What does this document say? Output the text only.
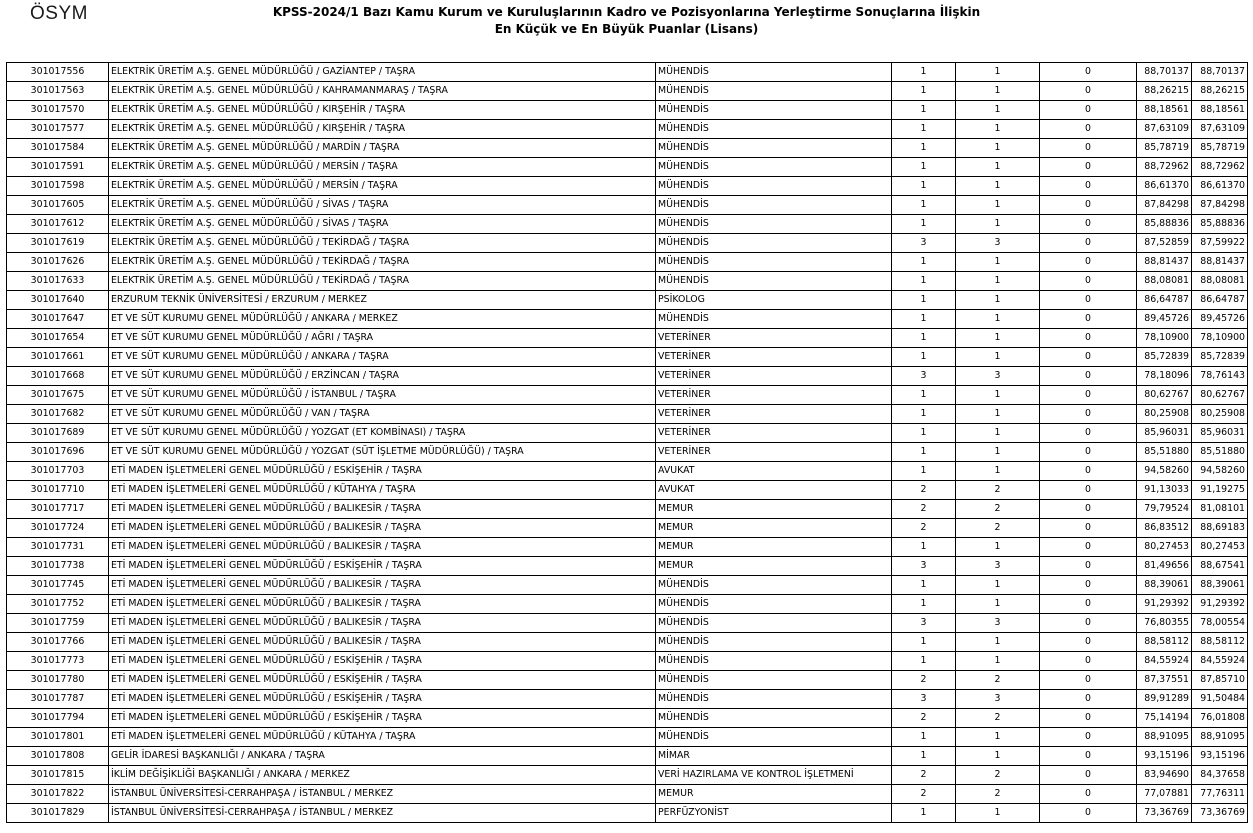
ÖSYM	KPSS-2024/1 Bazı Kamu Kurum ve Kuruluşlarının Kadro ve Pozisyonlarına Yerleştirme Sonuçlarına İlişkin
En Küçük ve En Büyük Puanlar (Lisans)
301017556	ELEKTRİK ÜRETİM A.Ş. GENEL MÜDÜRLÜĞÜ / GAZİANTEP / TAŞRA	MÜHENDİS	1	1	0	88,70137	88,70137
301017563	ELEKTRİK ÜRETİM A.Ş. GENEL MÜDÜRLÜĞÜ / KAHRAMANMARAŞ / TAŞRA	MÜHENDİS	1	1	0	88,26215	88,26215
301017570	ELEKTRİK ÜRETİM A.Ş. GENEL MÜDÜRLÜĞÜ / KIRŞEHİR / TAŞRA	MÜHENDİS	1	1	0	88,18561	88,18561
301017577	ELEKTRİK ÜRETİM A.Ş. GENEL MÜDÜRLÜĞÜ / KIRŞEHİR / TAŞRA	MÜHENDİS	1	1	0	87,63109	87,63109
301017584	ELEKTRİK ÜRETİM A.Ş. GENEL MÜDÜRLÜĞÜ / MARDİN / TAŞRA	MÜHENDİS	1	1	0	85,78719	85,78719
301017591	ELEKTRİK ÜRETİM A.Ş. GENEL MÜDÜRLÜĞÜ / MERSİN / TAŞRA	MÜHENDİS	1	1	0	88,72962	88,72962
301017598	ELEKTRİK ÜRETİM A.Ş. GENEL MÜDÜRLÜĞÜ / MERSİN / TAŞRA	MÜHENDİS	1	1	0	86,61370	86,61370
301017605	ELEKTRİK ÜRETİM A.Ş. GENEL MÜDÜRLÜĞÜ / SİVAS / TAŞRA	MÜHENDİS	1	1	0	87,84298	87,84298
301017612	ELEKTRİK ÜRETİM A.Ş. GENEL MÜDÜRLÜĞÜ / SİVAS / TAŞRA	MÜHENDİS	1	1	0	85,88836	85,88836
301017619	ELEKTRİK ÜRETİM A.Ş. GENEL MÜDÜRLÜĞÜ / TEKİRDAĞ / TAŞRA	MÜHENDİS	3	3	0	87,52859	87,59922
301017626	ELEKTRİK ÜRETİM A.Ş. GENEL MÜDÜRLÜĞÜ / TEKİRDAĞ / TAŞRA	MÜHENDİS	1	1	0	88,81437	88,81437
301017633	ELEKTRİK ÜRETİM A.Ş. GENEL MÜDÜRLÜĞÜ / TEKİRDAĞ / TAŞRA	MÜHENDİS	1	1	0	88,08081	88,08081
301017640	ERZURUM TEKNİK ÜNİVERSİTESİ / ERZURUM / MERKEZ	PSİKOLOG	1	1	0	86,64787	86,64787
301017647	ET VE SÜT KURUMU GENEL MÜDÜRLÜĞÜ / ANKARA / MERKEZ	MÜHENDİS	1	1	0	89,45726	89,45726
301017654	ET VE SÜT KURUMU GENEL MÜDÜRLÜĞÜ / AĞRI / TAŞRA	VETERİNER	1	1	0	78,10900	78,10900
301017661	ET VE SÜT KURUMU GENEL MÜDÜRLÜĞÜ / ANKARA / TAŞRA	VETERİNER	1	1	0	85,72839	85,72839
301017668	ET VE SÜT KURUMU GENEL MÜDÜRLÜĞÜ / ERZİNCAN / TAŞRA	VETERİNER	3	3	0	78,18096	78,76143
301017675	ET VE SÜT KURUMU GENEL MÜDÜRLÜĞÜ / İSTANBUL / TAŞRA	VETERİNER	1	1	0	80,62767	80,62767
301017682	ET VE SÜT KURUMU GENEL MÜDÜRLÜĞÜ / VAN / TAŞRA	VETERİNER	1	1	0	80,25908	80,25908
301017689	ET VE SÜT KURUMU GENEL MÜDÜRLÜĞÜ / YOZGAT (ET KOMBİNASI) / TAŞRA	VETERİNER	1	1	0	85,96031	85,96031
301017696	ET VE SÜT KURUMU GENEL MÜDÜRLÜĞÜ / YOZGAT (SÜT İŞLETME MÜDÜRLÜĞÜ) / TAŞRA	VETERİNER	1	1	0	85,51880	85,51880
301017703	ETİ MADEN İŞLETMELERİ GENEL MÜDÜRLÜĞÜ / ESKİŞEHİR / TAŞRA	AVUKAT	1	1	0	94,58260	94,58260
301017710	ETİ MADEN İŞLETMELERİ GENEL MÜDÜRLÜĞÜ / KÜTAHYA / TAŞRA	AVUKAT	2	2	0	91,13033	91,19275
301017717	ETİ MADEN İŞLETMELERİ GENEL MÜDÜRLÜĞÜ / BALIKESİR / TAŞRA	MEMUR	2	2	0	79,79524	81,08101
301017724	ETİ MADEN İŞLETMELERİ GENEL MÜDÜRLÜĞÜ / BALIKESİR / TAŞRA	MEMUR	2	2	0	86,83512	88,69183
301017731	ETİ MADEN İŞLETMELERİ GENEL MÜDÜRLÜĞÜ / BALIKESİR / TAŞRA	MEMUR	1	1	0	80,27453	80,27453
301017738	ETİ MADEN İŞLETMELERİ GENEL MÜDÜRLÜĞÜ / ESKİŞEHİR / TAŞRA	MEMUR	3	3	0	81,49656	88,67541
301017745	ETİ MADEN İŞLETMELERİ GENEL MÜDÜRLÜĞÜ / BALIKESİR / TAŞRA	MÜHENDİS	1	1	0	88,39061	88,39061
301017752	ETİ MADEN İŞLETMELERİ GENEL MÜDÜRLÜĞÜ / BALIKESİR / TAŞRA	MÜHENDİS	1	1	0	91,29392	91,29392
301017759	ETİ MADEN İŞLETMELERİ GENEL MÜDÜRLÜĞÜ / BALIKESİR / TAŞRA	MÜHENDİS	3	3	0	76,80355	78,00554
301017766	ETİ MADEN İŞLETMELERİ GENEL MÜDÜRLÜĞÜ / BALIKESİR / TAŞRA	MÜHENDİS	1	1	0	88,58112	88,58112
301017773	ETİ MADEN İŞLETMELERİ GENEL MÜDÜRLÜĞÜ / ESKİŞEHİR / TAŞRA	MÜHENDİS	1	1	0	84,55924	84,55924
301017780	ETİ MADEN İŞLETMELERİ GENEL MÜDÜRLÜĞÜ / ESKİŞEHİR / TAŞRA	MÜHENDİS	2	2	0	87,37551	87,85710
301017787	ETİ MADEN İŞLETMELERİ GENEL MÜDÜRLÜĞÜ / ESKİŞEHİR / TAŞRA	MÜHENDİS	3	3	0	89,91289	91,50484
301017794	ETİ MADEN İŞLETMELERİ GENEL MÜDÜRLÜĞÜ / ESKİŞEHİR / TAŞRA	MÜHENDİS	2	2	0	75,14194	76,01808
301017801	ETİ MADEN İŞLETMELERİ GENEL MÜDÜRLÜĞÜ / KÜTAHYA / TAŞRA	MÜHENDİS	1	1	0	88,91095	88,91095
301017808	GELİR İDARESİ BAŞKANLIĞI / ANKARA / TAŞRA	MİMAR	1	1	0	93,15196	93,15196
301017815	İKLİM DEĞİŞİKLİĞİ BAŞKANLIĞI / ANKARA / MERKEZ	VERİ HAZIRLAMA VE KONTROL İŞLETMENİ	2	2	0	83,94690	84,37658
301017822	İSTANBUL ÜNİVERSİTESİ-CERRAHPAŞA / İSTANBUL / MERKEZ	MEMUR	2	2	0	77,07881	77,76311
301017829	İSTANBUL ÜNİVERSİTESİ-CERRAHPAŞA / İSTANBUL / MERKEZ	PERFÜZYONİST	1	1	0	73,36769	73,36769
